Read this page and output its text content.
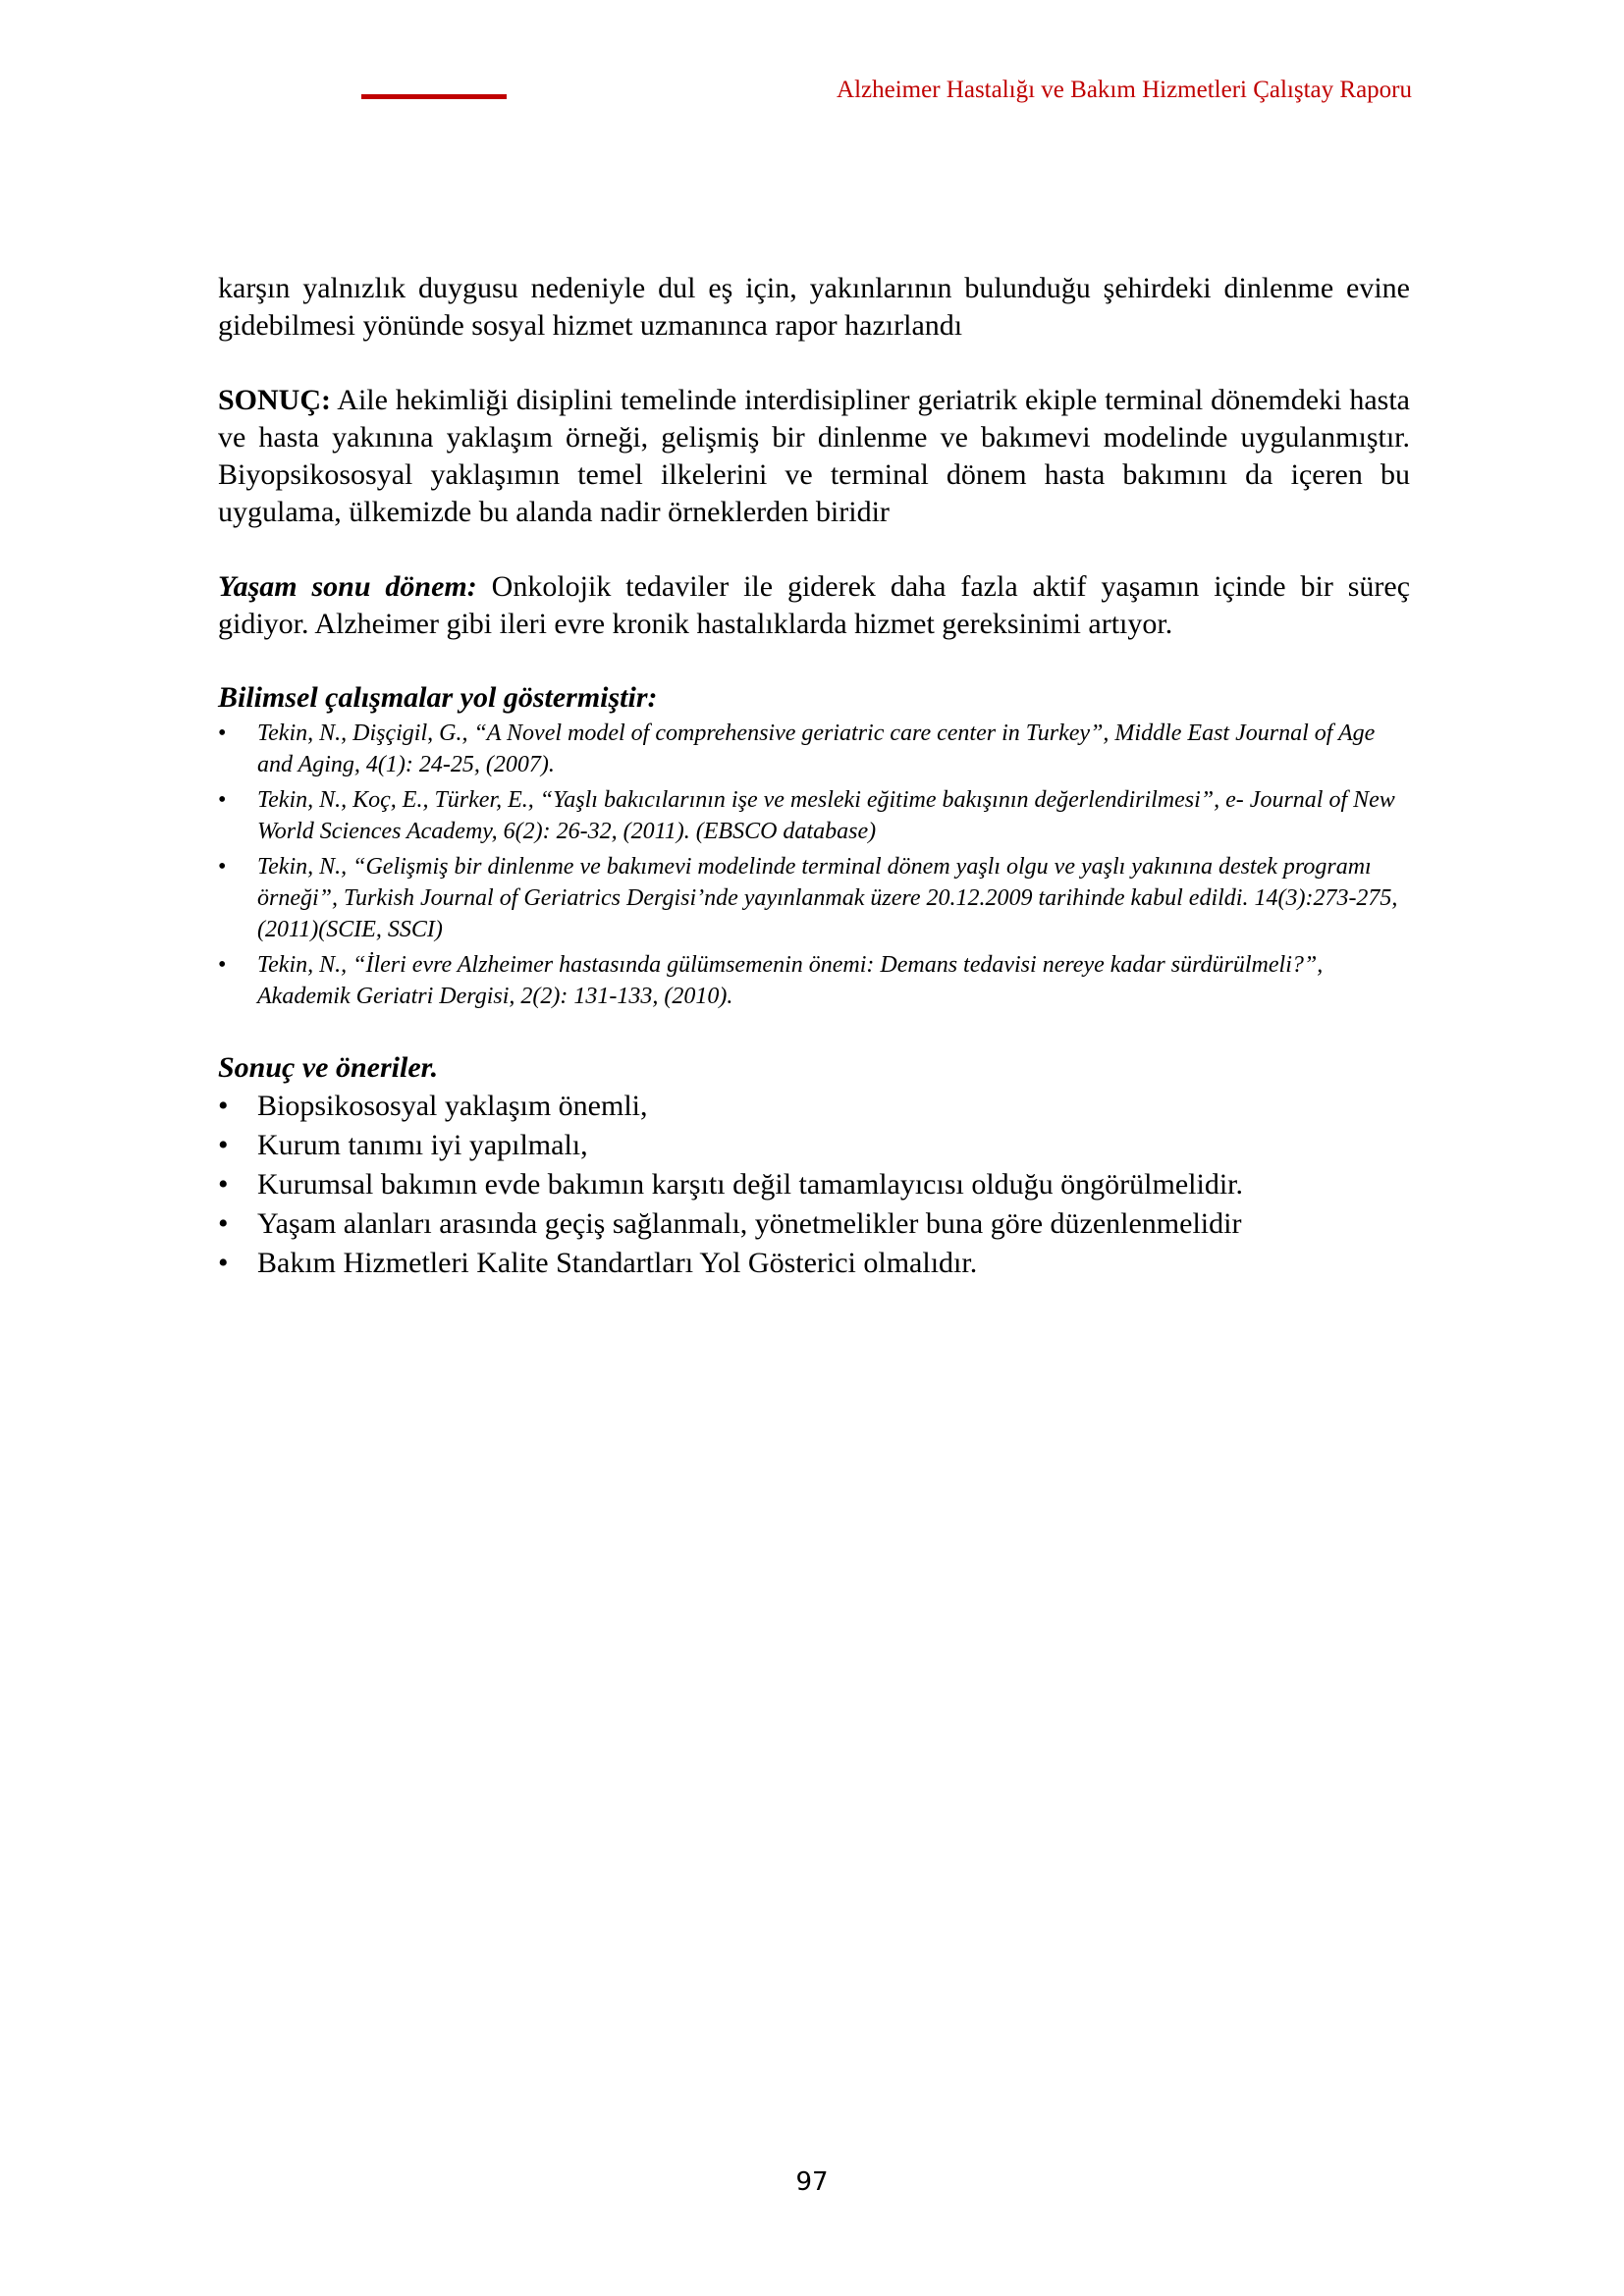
Alzheimer Hastalığı ve Bakım Hizmetleri Çalıştay Raporu

karşın yalnızlık duygusu nedeniyle dul eş için, yakınlarının bulunduğu şehirdeki dinlenme evine gidebilmesi yönünde sosyal hizmet uzmanınca rapor hazırlandı

SONUÇ: Aile hekimliği disiplini temelinde interdisipliner geriatrik ekiple terminal dönemdeki hasta ve hasta yakınına yaklaşım örneği, gelişmiş bir dinlenme ve bakımevi modelinde uygulanmıştır. Biyopsikososyal yaklaşımın temel ilkelerini ve terminal dönem hasta bakımını da içeren bu uygulama, ülkemizde bu alanda nadir örneklerden biridir

Yaşam sonu dönem: Onkolojik tedaviler ile giderek daha fazla aktif yaşamın içinde bir süreç gidiyor. Alzheimer gibi ileri evre kronik hastalıklarda hizmet gereksinimi artıyor.

Bilimsel çalışmalar yol göstermiştir:

• Tekin, N., Dişçigil, G., “A Novel model of comprehensive geriatric care center in Turkey”, Middle East Journal of Age and Aging, 4(1): 24-25, (2007).
• Tekin, N., Koç, E., Türker, E., “Yaşlı bakıcılarının işe ve mesleki eğitime bakışının değerlendirilmesi”, e- Journal of New World Sciences Academy, 6(2): 26-32, (2011). (EBSCO database)
• Tekin, N., “Gelişmiş bir dinlenme ve bakımevi modelinde terminal dönem yaşlı olgu ve yaşlı yakınına destek programı örneği”, Turkish Journal of Geriatrics Dergisi’nde yayınlanmak üzere 20.12.2009 tarihinde kabul edildi. 14(3):273-275, (2011)(SCIE, SSCI)
• Tekin, N., “İleri evre Alzheimer hastasında gülümsemenin önemi: Demans tedavisi nereye kadar sürdürülmeli?”, Akademik Geriatri Dergisi, 2(2): 131-133, (2010).

Sonuç ve öneriler.

• Biopsikososyal yaklaşım önemli,
• Kurum tanımı iyi yapılmalı,
• Kurumsal bakımın evde bakımın karşıtı değil tamamlayıcısı olduğu öngörülmelidir.
• Yaşam alanları arasında geçiş sağlanmalı, yönetmelikler buna göre düzenlenmelidir
• Bakım Hizmetleri Kalite Standartları Yol Gösterici olmalıdır.
97
